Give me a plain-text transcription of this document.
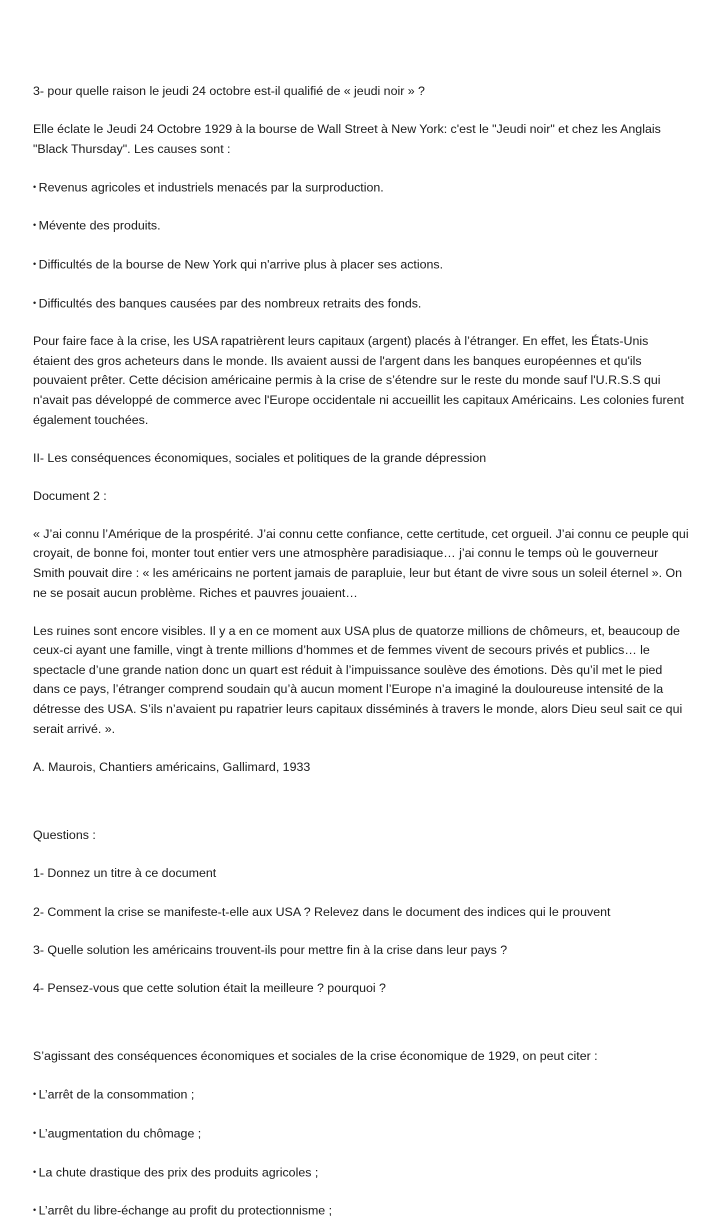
3- pour quelle raison le jeudi 24 octobre est-il qualifié de « jeudi noir » ?

Elle éclate le Jeudi 24 Octobre 1929 à la bourse de Wall Street à New York: c'est le "Jeudi noir" et chez les Anglais "Black Thursday". Les causes sont :

• Revenus agricoles et industriels menacés par la surproduction.

• Mévente des produits.

• Difficultés de la bourse de New York qui n'arrive plus à placer ses actions.

• Difficultés des banques causées par des nombreux retraits des fonds.

Pour faire face à la crise, les USA rapatrièrent leurs capitaux (argent) placés à l’étranger. En effet, les États-Unis étaient des gros acheteurs dans le monde. Ils avaient aussi de l'argent dans les banques européennes et qu'ils pouvaient prêter. Cette décision américaine permis à la crise de s’étendre sur le reste du monde sauf l'U.R.S.S qui n'avait pas développé de commerce avec l'Europe occidentale ni accueillit les capitaux Américains. Les colonies furent également touchées.

II- Les conséquences économiques, sociales et politiques de la grande dépression

Document 2 :

« J’ai connu l’Amérique de la prospérité. J’ai connu cette confiance, cette certitude, cet orgueil. J’ai connu ce peuple qui croyait, de bonne foi, monter tout entier vers une atmosphère paradisiaque… j’ai connu le temps où le gouverneur Smith pouvait dire : « les américains ne portent jamais de parapluie, leur but étant de vivre sous un soleil éternel ». On ne se posait aucun problème. Riches et pauvres jouaient…

Les ruines sont encore visibles. Il y a en ce moment aux USA plus de quatorze millions de chômeurs, et, beaucoup de ceux-ci ayant une famille, vingt à trente millions d’hommes et de femmes vivent de secours privés et publics… le spectacle d’une grande nation donc un quart est réduit à l’impuissance soulève des émotions. Dès qu’il met le pied dans ce pays, l’étranger comprend soudain qu’à aucun moment l’Europe n’a imaginé la douloureuse intensité de la détresse des USA. S’ils n’avaient pu rapatrier leurs capitaux disséminés à travers le monde, alors Dieu seul sait ce qui serait arrivé. ».

A. Maurois, Chantiers américains, Gallimard, 1933

Questions :

1- Donnez un titre à ce document

2- Comment la crise se manifeste-t-elle aux USA ? Relevez dans le document des indices qui le prouvent

3- Quelle solution les américains trouvent-ils pour mettre fin à la crise dans leur pays ?

4- Pensez-vous que cette solution était la meilleure ? pourquoi ?

S’agissant des conséquences économiques et sociales de la crise économique de 1929, on peut citer :

• L’arrêt de la consommation ;

• L’augmentation du chômage ;

• La chute drastique des prix des produits agricoles ;

• L’arrêt du libre-échange au profit du protectionnisme ;
